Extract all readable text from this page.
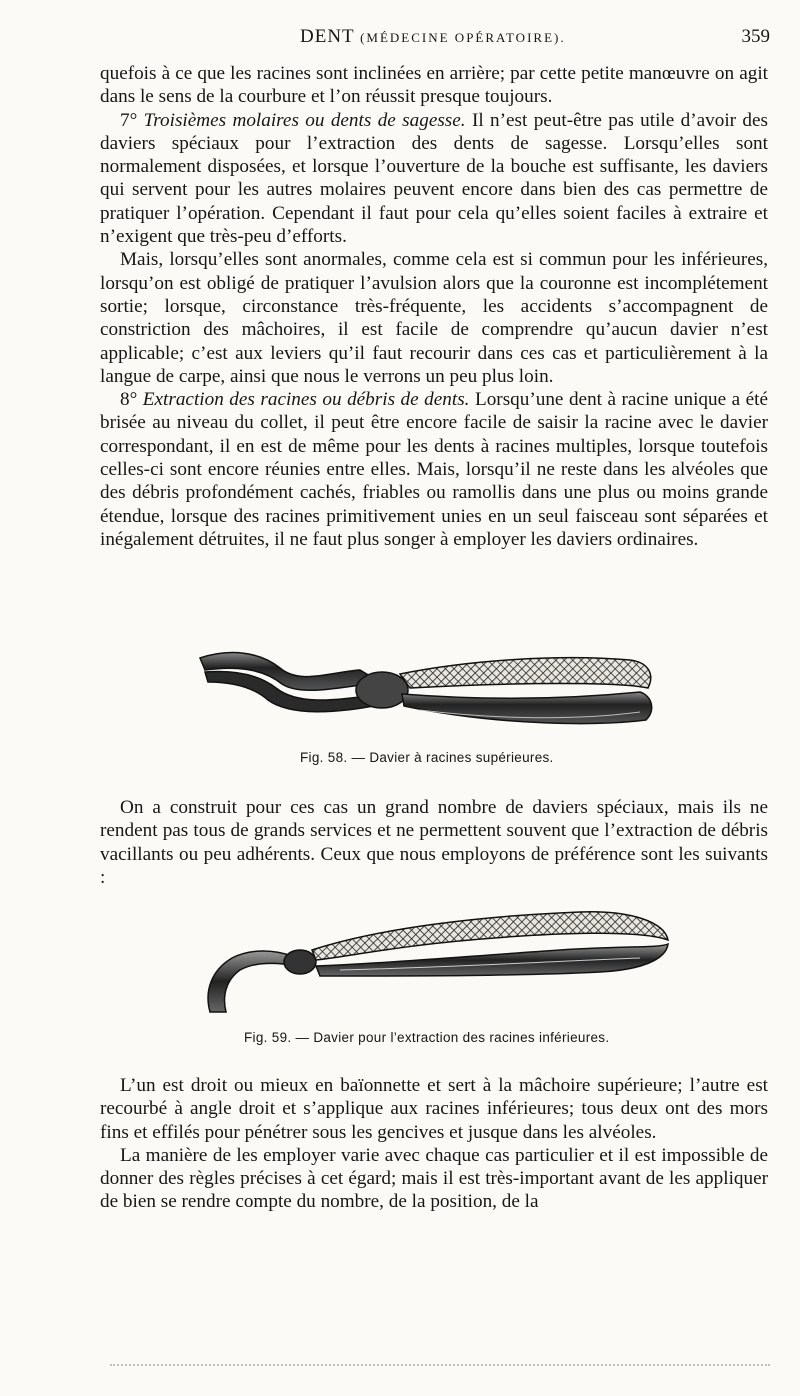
DENT (MÉDECINE OPÉRATOIRE).	359

quefois à ce que les racines sont inclinées en arrière; par cette petite manœuvre on agit dans le sens de la courbure et l’on réussit presque toujours.

7° Troisièmes molaires ou dents de sagesse. Il n’est peut-être pas utile d’avoir des daviers spéciaux pour l’extraction des dents de sagesse. Lorsqu’elles sont normalement disposées, et lorsque l’ouverture de la bouche est suffisante, les daviers qui servent pour les autres molaires peuvent encore dans bien des cas permettre de pratiquer l’opération. Cependant il faut pour cela qu’elles soient faciles à extraire et n’exigent que très-peu d’efforts.

Mais, lorsqu’elles sont anormales, comme cela est si commun pour les inférieures, lorsqu’on est obligé de pratiquer l’avulsion alors que la couronne est incomplétement sortie; lorsque, circonstance très-fréquente, les accidents s’accompagnent de constriction des mâchoires, il est facile de comprendre qu’aucun davier n’est applicable; c’est aux leviers qu’il faut recourir dans ces cas et particulièrement à la langue de carpe, ainsi que nous le verrons un peu plus loin.

8° Extraction des racines ou débris de dents. Lorsqu’une dent à racine unique a été brisée au niveau du collet, il peut être encore facile de saisir la racine avec le davier correspondant, il en est de même pour les dents à racines multiples, lorsque toutefois celles-ci sont encore réunies entre elles. Mais, lorsqu’il ne reste dans les alvéoles que des débris profondément cachés, friables ou ramollis dans une plus ou moins grande étendue, lorsque des racines primitivement unies en un seul faisceau sont séparées et inégalement détruites, il ne faut plus songer à employer les daviers ordinaires.

Fig. 58. — Davier à racines supérieures.

On a construit pour ces cas un grand nombre de daviers spéciaux, mais ils ne rendent pas tous de grands services et ne permettent souvent que l’extraction de débris vacillants ou peu adhérents. Ceux que nous employons de préférence sont les suivants :

Fig. 59. — Davier pour l’extraction des racines inférieures.

L’un est droit ou mieux en baïonnette et sert à la mâchoire supérieure; l’autre est recourbé à angle droit et s’applique aux racines inférieures; tous deux ont des mors fins et effilés pour pénétrer sous les gencives et jusque dans les alvéoles.

La manière de les employer varie avec chaque cas particulier et il est impossible de donner des règles précises à cet égard; mais il est très-important avant de les appliquer de bien se rendre compte du nombre, de la position, de la
